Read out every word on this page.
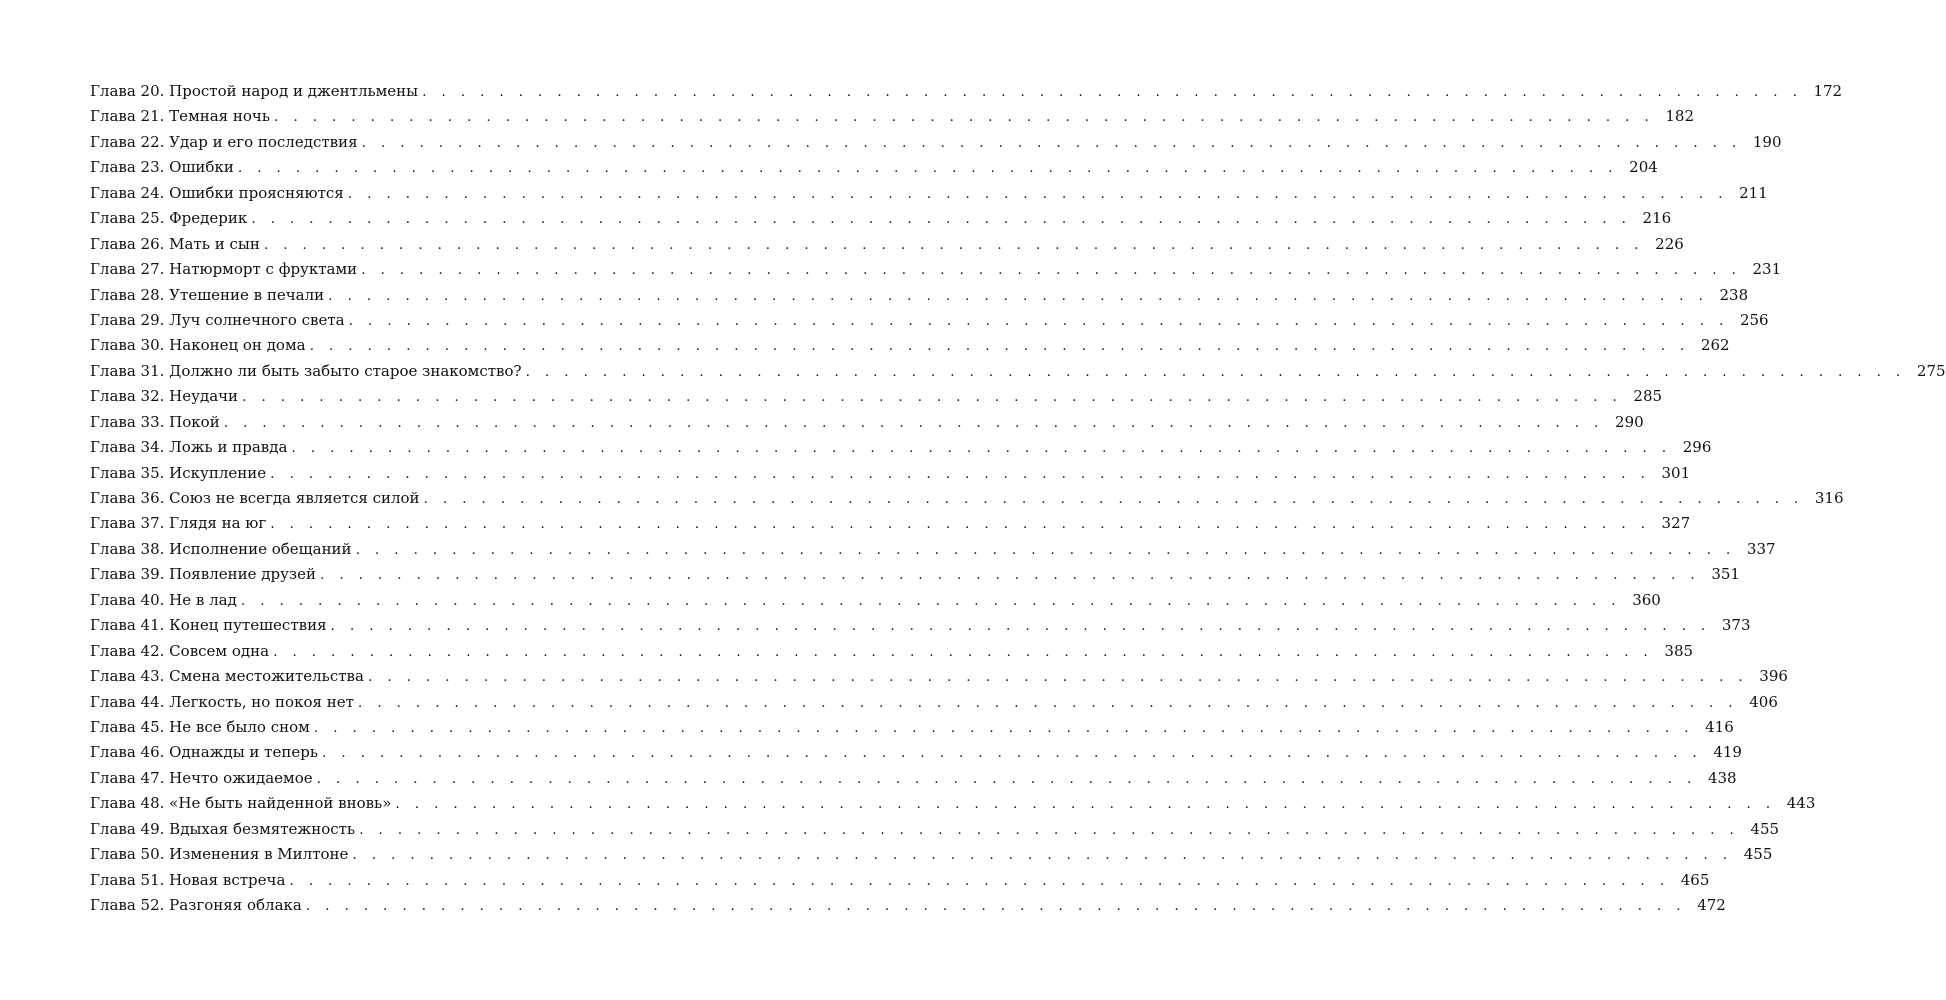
Глава 20. Простой народ и джентльмены . . . . . . . . . . . . . . . . . . . . . . . . . . . . . . . . . . . . . . . . . . . . . . . . . . . . . . . . . . . . . . . . . . . . . . . . 172
Глава 21. Темная ночь . . . . . . . . . . . . . . . . . . . . . . . . . . . . . . . . . . . . . . . . . . . . . . . . . . . . . . . . . . . . . . . . . . . . . . . . 182
Глава 22. Удар и его последствия . . . . . . . . . . . . . . . . . . . . . . . . . . . . . . . . . . . . . . . . . . . . . . . . . . . . . . . . . . . . . . . . . . . . . . . . 190
Глава 23. Ошибки . . . . . . . . . . . . . . . . . . . . . . . . . . . . . . . . . . . . . . . . . . . . . . . . . . . . . . . . . . . . . . . . . . . . . . . . 204
Глава 24. Ошибки проясняются . . . . . . . . . . . . . . . . . . . . . . . . . . . . . . . . . . . . . . . . . . . . . . . . . . . . . . . . . . . . . . . . . . . . . . . . 211
Глава 25. Фредерик . . . . . . . . . . . . . . . . . . . . . . . . . . . . . . . . . . . . . . . . . . . . . . . . . . . . . . . . . . . . . . . . . . . . . . . . 216
Глава 26. Мать и сын . . . . . . . . . . . . . . . . . . . . . . . . . . . . . . . . . . . . . . . . . . . . . . . . . . . . . . . . . . . . . . . . . . . . . . . . 226
Глава 27. Натюрморт с фруктами . . . . . . . . . . . . . . . . . . . . . . . . . . . . . . . . . . . . . . . . . . . . . . . . . . . . . . . . . . . . . . . . . . . . . . . . 231
Глава 28. Утешение в печали . . . . . . . . . . . . . . . . . . . . . . . . . . . . . . . . . . . . . . . . . . . . . . . . . . . . . . . . . . . . . . . . . . . . . . . . 238
Глава 29. Луч солнечного света . . . . . . . . . . . . . . . . . . . . . . . . . . . . . . . . . . . . . . . . . . . . . . . . . . . . . . . . . . . . . . . . . . . . . . . . 256
Глава 30. Наконец он дома . . . . . . . . . . . . . . . . . . . . . . . . . . . . . . . . . . . . . . . . . . . . . . . . . . . . . . . . . . . . . . . . . . . . . . . . 262
Глава 31. Должно ли быть забыто старое знакомство? . . . . . . . . . . . . . . . . . . . . . . . . . . . . . . . . . . . . . . . . . . . . . . . . . . . . . . . . . . . . . . . . . . . . . . . . 275
Глава 32. Неудачи . . . . . . . . . . . . . . . . . . . . . . . . . . . . . . . . . . . . . . . . . . . . . . . . . . . . . . . . . . . . . . . . . . . . . . . . 285
Глава 33. Покой . . . . . . . . . . . . . . . . . . . . . . . . . . . . . . . . . . . . . . . . . . . . . . . . . . . . . . . . . . . . . . . . . . . . . . . . 290
Глава 34. Ложь и правда . . . . . . . . . . . . . . . . . . . . . . . . . . . . . . . . . . . . . . . . . . . . . . . . . . . . . . . . . . . . . . . . . . . . . . . . 296
Глава 35. Искупление . . . . . . . . . . . . . . . . . . . . . . . . . . . . . . . . . . . . . . . . . . . . . . . . . . . . . . . . . . . . . . . . . . . . . . . . 301
Глава 36. Союз не всегда является силой . . . . . . . . . . . . . . . . . . . . . . . . . . . . . . . . . . . . . . . . . . . . . . . . . . . . . . . . . . . . . . . . . . . . . . . . 316
Глава 37. Глядя на юг . . . . . . . . . . . . . . . . . . . . . . . . . . . . . . . . . . . . . . . . . . . . . . . . . . . . . . . . . . . . . . . . . . . . . . . . 327
Глава 38. Исполнение обещаний . . . . . . . . . . . . . . . . . . . . . . . . . . . . . . . . . . . . . . . . . . . . . . . . . . . . . . . . . . . . . . . . . . . . . . . . 337
Глава 39. Появление друзей . . . . . . . . . . . . . . . . . . . . . . . . . . . . . . . . . . . . . . . . . . . . . . . . . . . . . . . . . . . . . . . . . . . . . . . . 351
Глава 40. Не в лад . . . . . . . . . . . . . . . . . . . . . . . . . . . . . . . . . . . . . . . . . . . . . . . . . . . . . . . . . . . . . . . . . . . . . . . . 360
Глава 41. Конец путешествия . . . . . . . . . . . . . . . . . . . . . . . . . . . . . . . . . . . . . . . . . . . . . . . . . . . . . . . . . . . . . . . . . . . . . . . . 373
Глава 42. Совсем одна . . . . . . . . . . . . . . . . . . . . . . . . . . . . . . . . . . . . . . . . . . . . . . . . . . . . . . . . . . . . . . . . . . . . . . . . 385
Глава 43. Смена местожительства . . . . . . . . . . . . . . . . . . . . . . . . . . . . . . . . . . . . . . . . . . . . . . . . . . . . . . . . . . . . . . . . . . . . . . . . 396
Глава 44. Легкость, но покоя нет . . . . . . . . . . . . . . . . . . . . . . . . . . . . . . . . . . . . . . . . . . . . . . . . . . . . . . . . . . . . . . . . . . . . . . . . 406
Глава 45. Не все было сном . . . . . . . . . . . . . . . . . . . . . . . . . . . . . . . . . . . . . . . . . . . . . . . . . . . . . . . . . . . . . . . . . . . . . . . . 416
Глава 46. Однажды и теперь . . . . . . . . . . . . . . . . . . . . . . . . . . . . . . . . . . . . . . . . . . . . . . . . . . . . . . . . . . . . . . . . . . . . . . . . 419
Глава 47. Нечто ожидаемое . . . . . . . . . . . . . . . . . . . . . . . . . . . . . . . . . . . . . . . . . . . . . . . . . . . . . . . . . . . . . . . . . . . . . . . . 438
Глава 48. «Не быть найденной вновь» . . . . . . . . . . . . . . . . . . . . . . . . . . . . . . . . . . . . . . . . . . . . . . . . . . . . . . . . . . . . . . . . . . . . . . . . 443
Глава 49. Вдыхая безмятежность . . . . . . . . . . . . . . . . . . . . . . . . . . . . . . . . . . . . . . . . . . . . . . . . . . . . . . . . . . . . . . . . . . . . . . . . 455
Глава 50. Изменения в Милтоне . . . . . . . . . . . . . . . . . . . . . . . . . . . . . . . . . . . . . . . . . . . . . . . . . . . . . . . . . . . . . . . . . . . . . . . . 455
Глава 51. Новая встреча . . . . . . . . . . . . . . . . . . . . . . . . . . . . . . . . . . . . . . . . . . . . . . . . . . . . . . . . . . . . . . . . . . . . . . . . 465
Глава 52. Разгоняя облака . . . . . . . . . . . . . . . . . . . . . . . . . . . . . . . . . . . . . . . . . . . . . . . . . . . . . . . . . . . . . . . . . . . . . . . . 472
